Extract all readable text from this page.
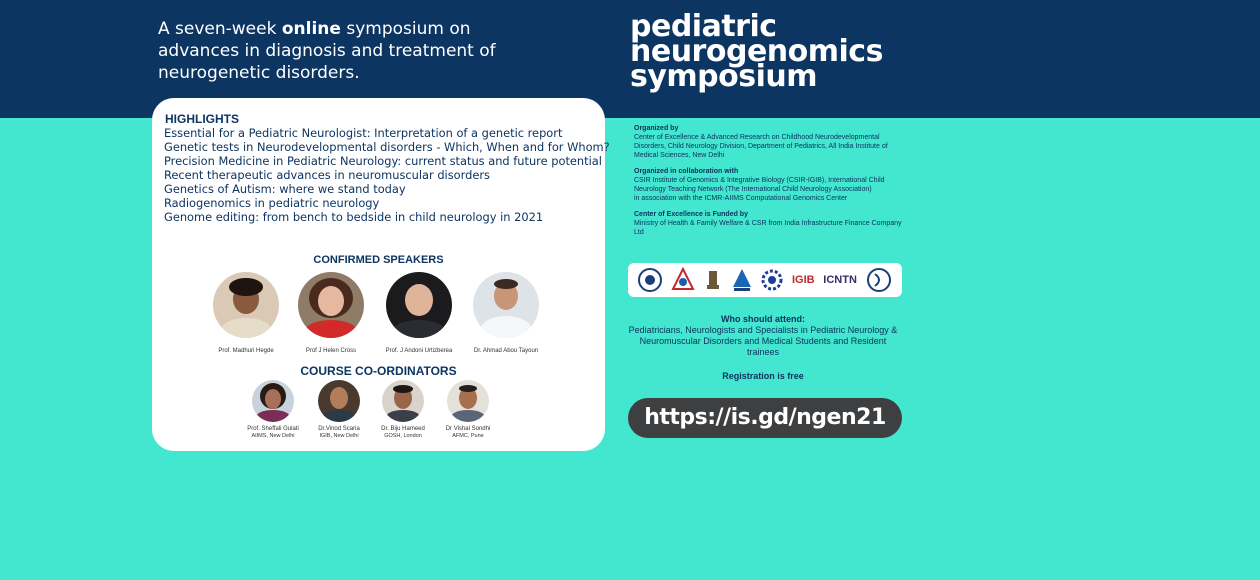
A seven-week online symposium on advances in diagnosis and treatment of neurogenetic disorders.
pediatric
neurogenomics
symposium
HIGHLIGHTS
Essential for a Pediatric Neurologist: Interpretation of a genetic report
Genetic tests in Neurodevelopmental disorders - Which, When and for Whom?
Precision Medicine in Pediatric Neurology: current status and future potential
Recent therapeutic advances in neuromuscular disorders
Genetics of Autism: where we stand today
Radiogenomics in pediatric neurology
Genome editing: from bench to bedside in child neurology in 2021
CONFIRMED SPEAKERS
Prof. Madhuri Hegde	Prof J Helen Cross	Prof. J Andoni Urtizberea	Dr. Ahmad Abou Tayoun
COURSE CO-ORDINATORS
Prof. Sheffali Gulati
AIIMS, New Delhi
Dr.Vinod Scaria
IGIB, New Delhi
Dr. Biju Hameed
GOSH, London
Dr Vishal Sondhi
AFMC, Pune
Organized by
Center of Excellence & Advanced Research on Childhood Neurodevelopmental Disorders, Child Neurology Division, Department of Pediatrics, All India Institute of Medical Sciences, New Delhi
Organized in collaboration with
CSIR Institute of Genomics & Integrative Biology (CSIR-IGIB), International Child Neurology Teaching Network (The International Child Neurology Association)
in association with the ICMR-AIIMS Computational Genomics Center
Center of Excellence is Funded by
Ministry of Health & Family Welfare & CSR from India Infrastructure Finance Company Ltd
IGIB ICNTN
Who should attend:
Pediatricians, Neurologists and Specialists in Pediatric Neurology & Neuromuscular Disorders and Medical Students and Resident trainees
Registration is free
https://is.gd/ngen21
